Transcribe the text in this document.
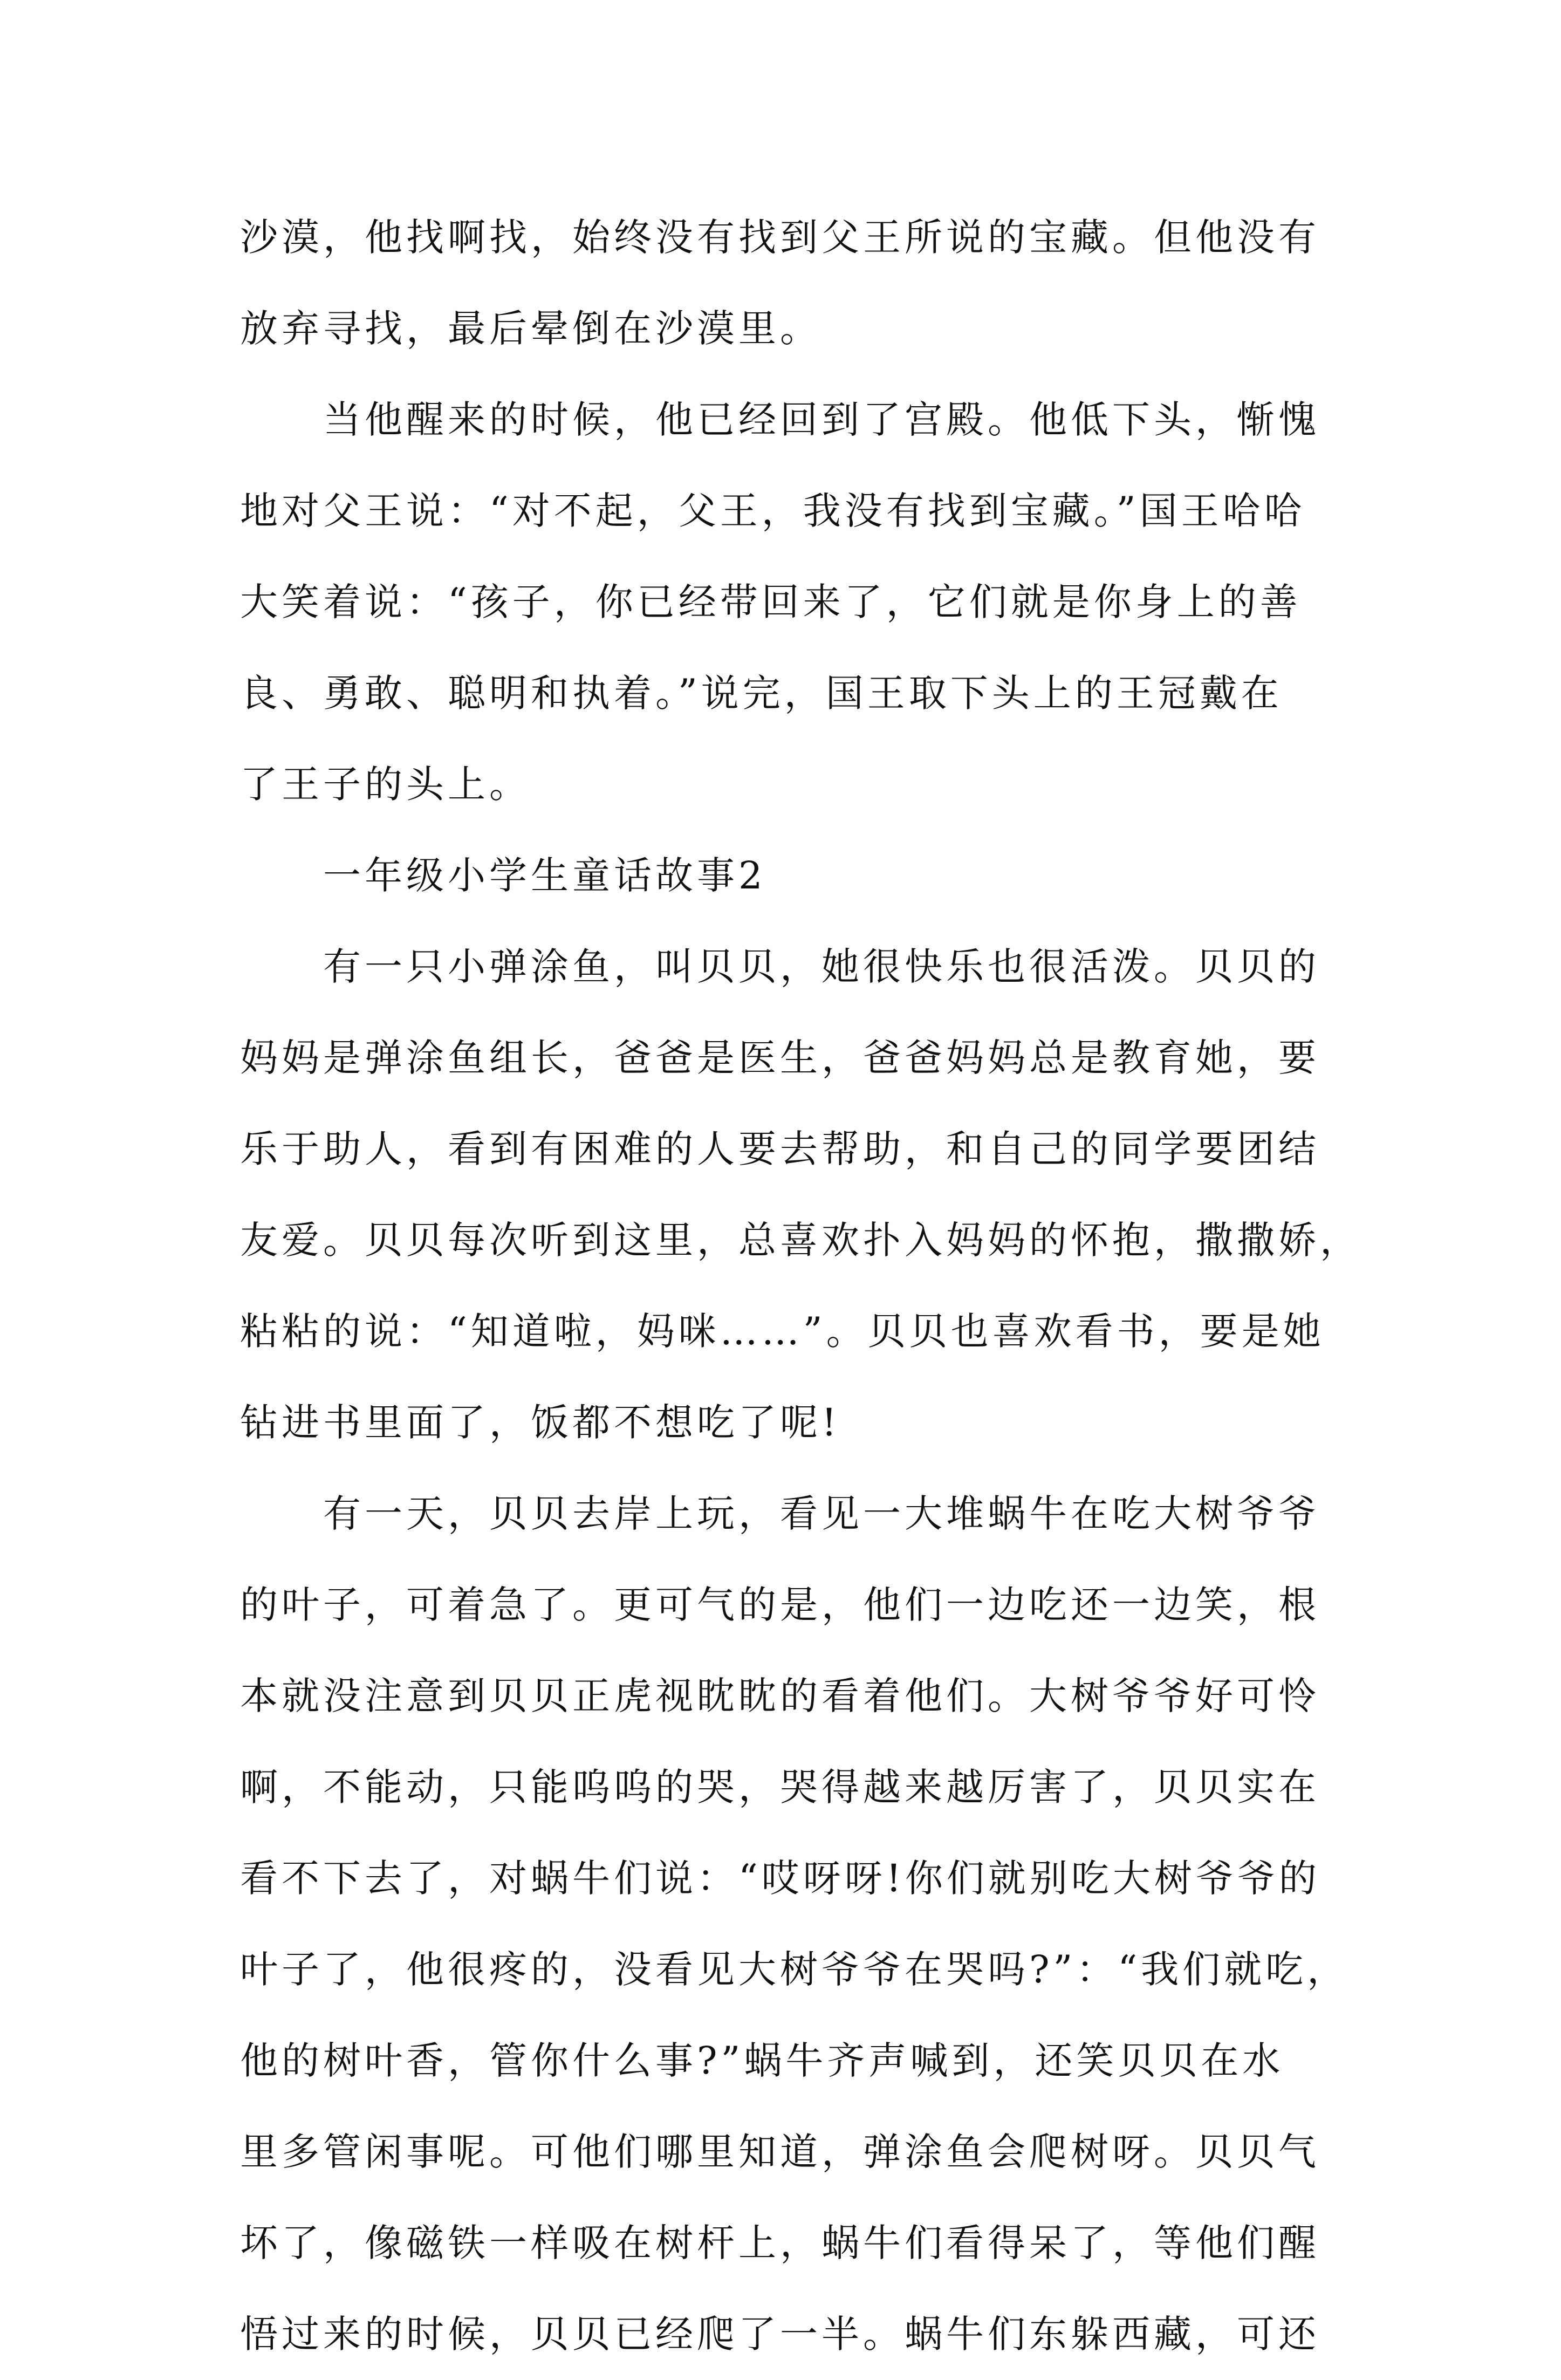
沙漠，他找啊找，始终没有找到父王所说的宝藏。但他没有
放弃寻找，最后晕倒在沙漠里。
当他醒来的时候，他已经回到了宫殿。他低下头，惭愧
地对父王说：“对不起，父王，我没有找到宝藏。”国王哈哈
大笑着说：“孩子，你已经带回来了，它们就是你身上的善
良、勇敢、聪明和执着。”说完，国王取下头上的王冠戴在
了王子的头上。
一年级小学生童话故事2
有一只小弹涂鱼，叫贝贝，她很快乐也很活泼。贝贝的
妈妈是弹涂鱼组长，爸爸是医生，爸爸妈妈总是教育她，要
乐于助人，看到有困难的人要去帮助，和自己的同学要团结
友爱。贝贝每次听到这里，总喜欢扑入妈妈的怀抱，撒撒娇，
粘粘的说：“知道啦，妈咪……”。贝贝也喜欢看书，要是她
钻进书里面了，饭都不想吃了呢!
有一天，贝贝去岸上玩，看见一大堆蜗牛在吃大树爷爷
的叶子，可着急了。更可气的是，他们一边吃还一边笑，根
本就没注意到贝贝正虎视眈眈的看着他们。大树爷爷好可怜
啊，不能动，只能呜呜的哭，哭得越来越厉害了，贝贝实在
看不下去了，对蜗牛们说：“哎呀呀!你们就别吃大树爷爷的
叶子了，他很疼的，没看见大树爷爷在哭吗?”：“我们就吃，
他的树叶香，管你什么事?”蜗牛齐声喊到，还笑贝贝在水
里多管闲事呢。可他们哪里知道，弹涂鱼会爬树呀。贝贝气
坏了，像磁铁一样吸在树杆上，蜗牛们看得呆了，等他们醒
悟过来的时候，贝贝已经爬了一半。蜗牛们东躲西藏，可还
